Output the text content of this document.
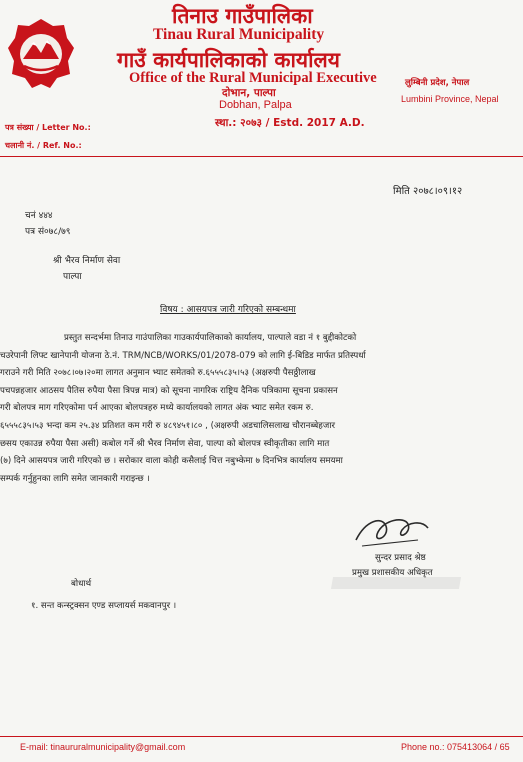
तिनाउ गाउँपालिका
Tinau Rural Municipality
गाउँ कार्यपालिकाको कार्यालय
Office of the Rural Municipal Executive
दोभान, पाल्पा
Dobhan, Palpa
स्था.: २०७३ / Estd. 2017 A.D.
लुम्बिनी प्रदेश, नेपाल
Lumbini Province, Nepal
पत्र संख्या / Letter No.:
चलानी नं. / Ref. No.:
मिति २०७८।०९।१२
चनं ४४४
पत्र सं०७८/७९
श्री भैरव निर्माण सेवा
पाल्पा
विषय : आसयपत्र जारी गरिएको सम्बन्धमा
प्रस्तुत सन्दर्भमा तिनाउ गाउंपालिका गाउकार्यपालिकाको कार्यालय, पाल्पाले वडा नं १ बुद्दीकोटको
चउरेपानी लिफ्ट खानेपानी योजना ठे.नं. TRM/NCB/WORKS/01/2078-079 को लागि ई-बिडिड मार्फत प्रतिस्पर्धा
गराउने गरी मिति २०७८।०७।२०मा लागत अनुमान भ्याट समेतको रु.६५५५८३५।५३ (अक्षरुपी पैसठ्ठीलाख
पचपन्नहजार आठसय पैतिस रुपैया पैसा त्रिपन्न मात्र) को सूचना नागरिक राष्ट्रिय दैनिक पत्रिकामा सूचना प्रकासन
गरी बोलपत्र माग गरिएकोमा पर्न आएका बोलपत्रहरु मध्ये कार्यालयको लागत अंक भ्याट समेत रकम रु.
६५५५८३५।५३ भन्दा कम २५.३४ प्रतिशत कम गरी रु ४८९४५१।८० , (अक्षरुपी अडचालिसलाख चौरानब्बेहजार
छसय एकाउन्न रुपैया पैसा असी) कबोल गर्ने श्री भैरव निर्माण सेवा, पाल्पा को बोलपत्र स्वीकृतीका लागि मात
(७) दिने आसयपत्र जारी गरिएको छ । सरोकार वाला कोही कसैलाई चित्त नबुभ्केमा ७ दिनभित्र कार्यालय समयमा
सम्पर्क गर्नुहुनका लागि समेत जानकारी गराइन्छ ।
सुन्दर प्रसाद श्रेष्ठ
प्रमुख प्रशासकीय अधिकृत
बोधार्थ
१. सन्त कन्स्ट्रक्सन एण्ड सप्लायर्स मकवानपुर ।
E-mail: tinaururalmunicipality@gmail.com	Phone no.: 075413064 / 65
